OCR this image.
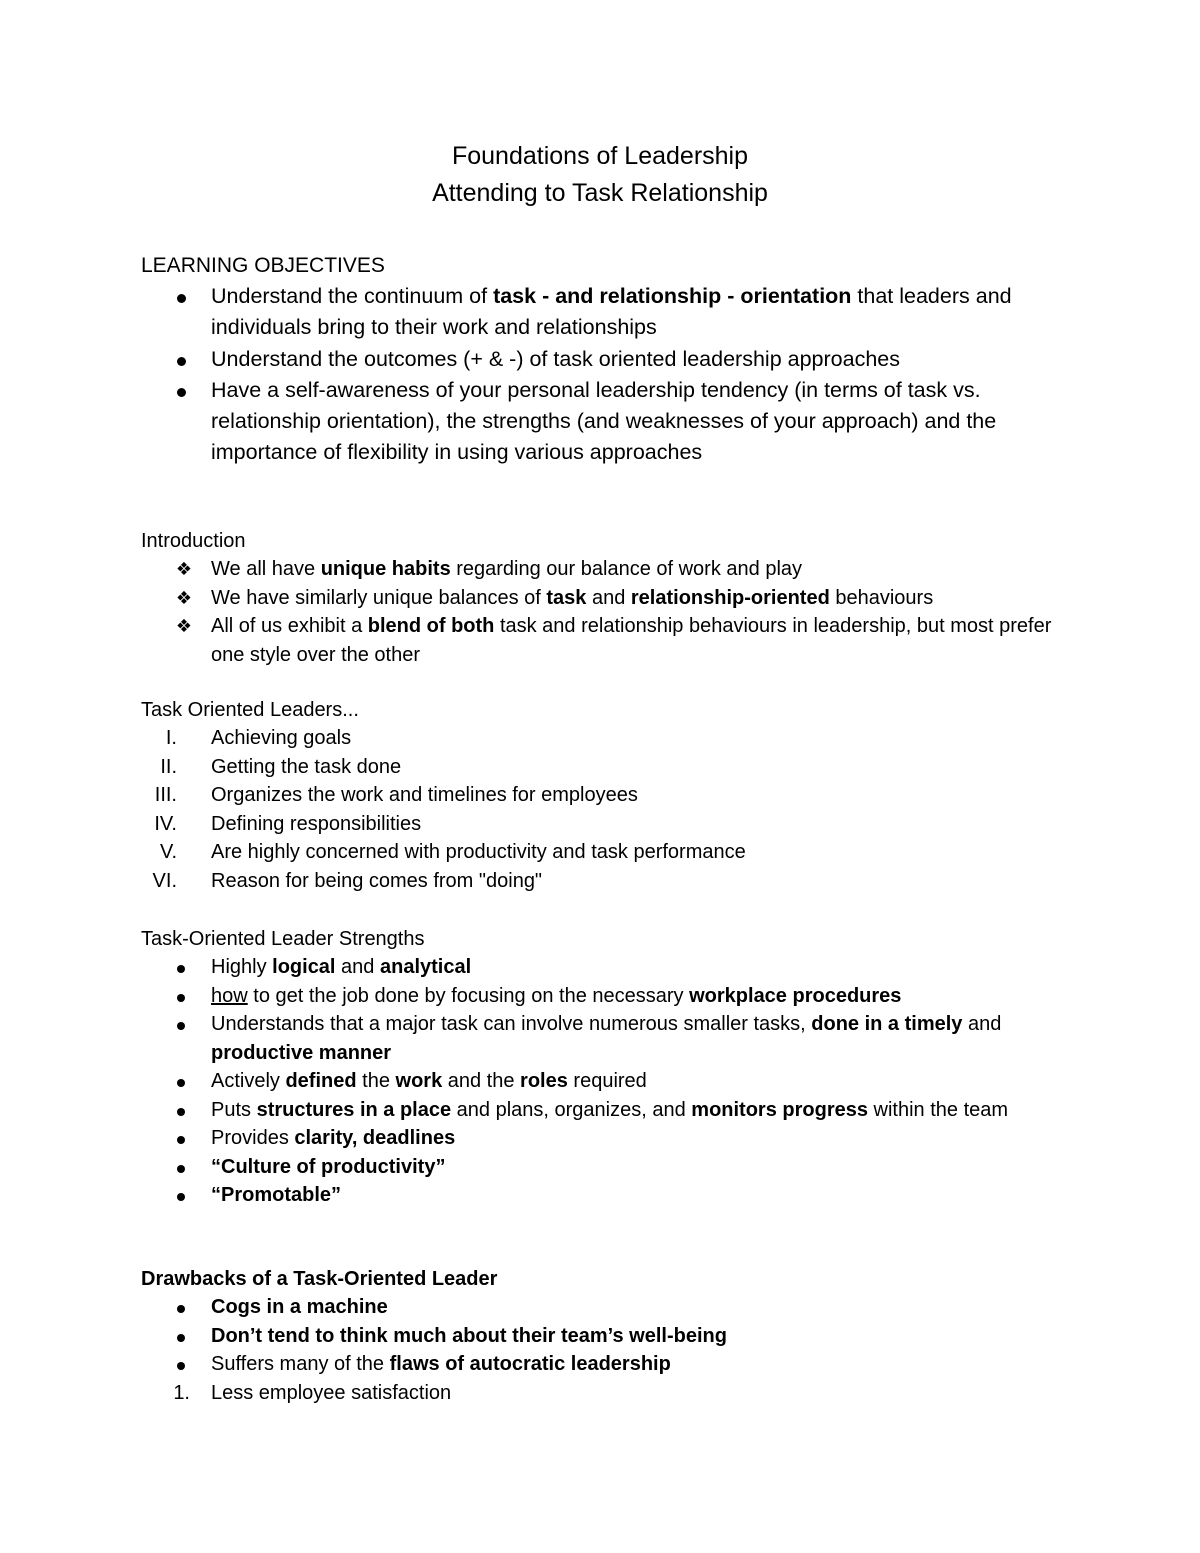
Foundations of Leadership
Attending to Task Relationship

LEARNING OBJECTIVES

Understand the continuum of task - and relationship - orientation that leaders and individuals bring to their work and relationships
Understand the outcomes (+ & -) of task oriented leadership approaches
Have a self-awareness of your personal leadership tendency (in terms of task vs. relationship orientation), the strengths (and weaknesses of your approach) and the importance of flexibility in using various approaches

Introduction

❖ We all have unique habits regarding our balance of work and play
❖ We have similarly unique balances of task and relationship-oriented behaviours
❖ All of us exhibit a blend of both task and relationship behaviours in leadership, but most prefer one style over the other

Task Oriented Leaders...

I. Achieving goals
II. Getting the task done
III. Organizes the work and timelines for employees
IV. Defining responsibilities
V. Are highly concerned with productivity and task performance
VI. Reason for being comes from "doing"

Task-Oriented Leader Strengths

Highly logical and analytical
how to get the job done by focusing on the necessary workplace procedures
Understands that a major task can involve numerous smaller tasks, done in a timely and productive manner
Actively defined the work and the roles required
Puts structures in a place and plans, organizes, and monitors progress within the team
Provides clarity, deadlines
“Culture of productivity”
“Promotable”

Drawbacks of a Task-Oriented Leader

Cogs in a machine
Don’t tend to think much about their team’s well-being
Suffers many of the flaws of autocratic leadership
1. Less employee satisfaction
